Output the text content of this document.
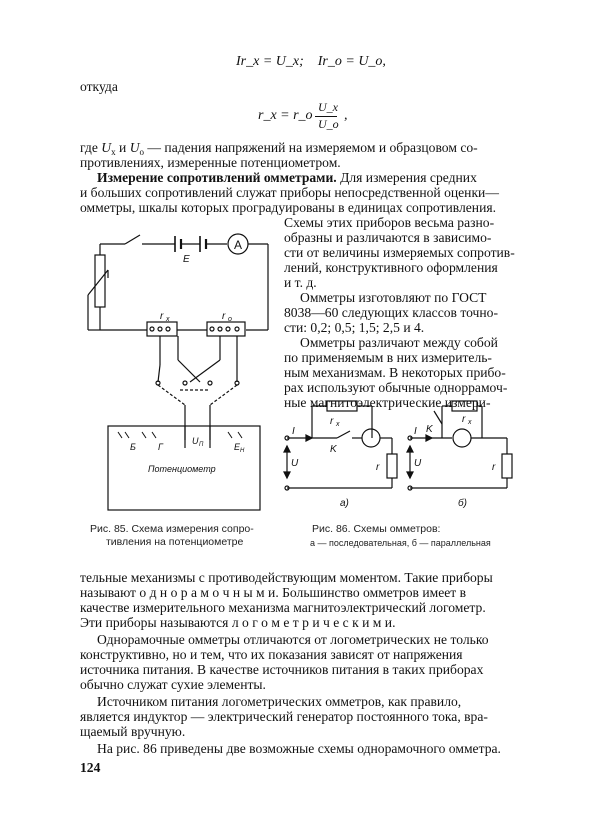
Ir_x = U_x; Ir_o = U_o,
откуда
r_x = r_o
U_x
U_o
,
где $U_x$ и $U_о$ — падения напряжений на измеряемом и образцовом со-
противлениях, измеренные потенциометром.
Измерение сопротивлений омметрами. Для измерения средних
и больших сопротивлений служат приборы непосредственной оценки—
омметры, шкалы которых проградуированы в единицах сопротивления.
Схемы этих приборов весьма разно-
образны и различаются в зависимо-
сти от величины измеряемых сопротив-
лений, конструктивного оформления
и т. д.
Омметры изготовляют по ГОСТ
8038—60 следующих классов точно-
сти: 0,2; 0,5; 1,5; 2,5 и 4.
Омметры различают между собой
по применяемым в них измеритель-
ным механизмам. В некоторых прибо-
рах используют обычные одноррамоч-
ные магнитоэлектрические измери-
E
A
r x	r o
Б Г
U П	E Н
Потенциометр
Рис. 85. Схема измерения сопро-
тивления на потенциометре
I
r x
K
U	r
а)
I
r x
K
U	r
б)
Рис. 86. Схемы омметров:
а — последовательная, б — параллельная
тельные механизмы с противодействующим моментом. Такие приборы
называют о д н о р а м о ч н ы м и. Большинство омметров имеет в
качестве измерительного механизма магнитоэлектрический логометр.
Эти приборы называются л о г о м е т р и ч е с к и м и.
Однорамочные омметры отличаются от логометрических не только
конструктивно, но и тем, что их показания зависят от напряжения
источника питания. В качестве источников питания в таких приборах
обычно служат сухие элементы.
Источником питания логометрических омметров, как правило,
является индуктор — электрический генератор постоянного тока, вра-
щаемый вручную.
На рис. 86 приведены две возможные схемы однорамочного омметра.
124
